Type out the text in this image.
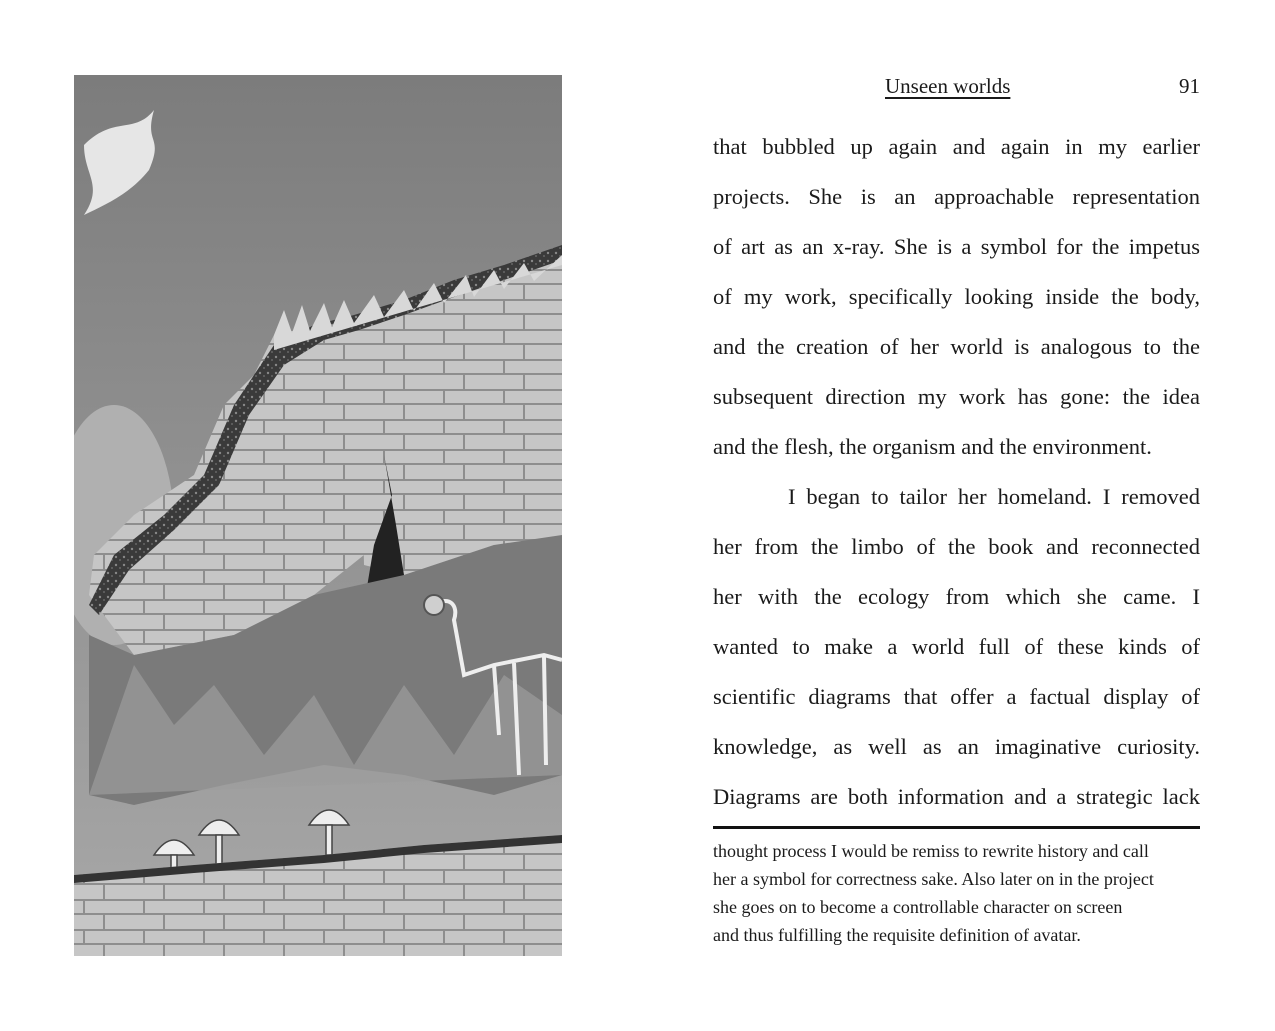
Unseen worlds	91
that bubbled up again and again in my earlier
projects. She is an approachable representation
of art as an x-ray. She is a symbol for the impetus
of my work, specifically looking inside the body,
and the creation of her world is analogous to the
subsequent direction my work has gone: the idea
and the flesh, the organism and the environment.
I began to tailor her homeland. I removed
her from the limbo of the book and reconnected
her with the ecology from which she came. I
wanted to make a world full of these kinds of
scientific diagrams that offer a factual display of
knowledge, as well as an imaginative curiosity.
Diagrams are both information and a strategic lack
thought process I would be remiss to rewrite history and call
her a symbol for correctness sake. Also later on in the project
she goes on to become a controllable character on screen
and thus fulfilling the requisite definition of avatar.
